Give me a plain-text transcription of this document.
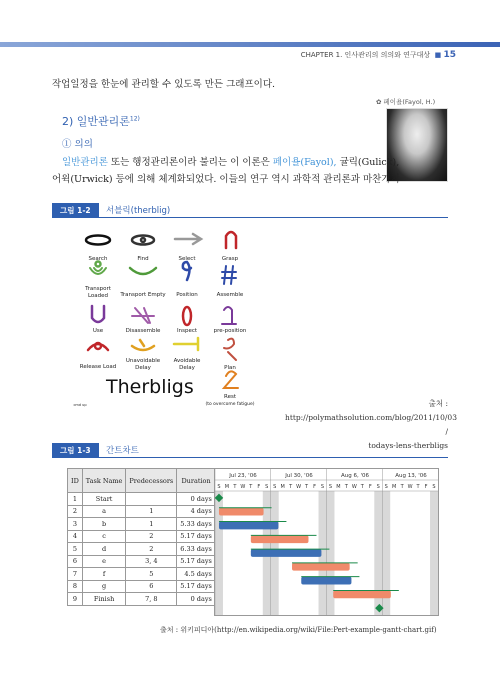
CHAPTER 1. 인사관리의 의의와 연구대상 ■ 15
작업일정을 한눈에 관리할 수 있도록 만든 그래프이다.
2) 일반관리론$^{12)}$
✿ 페이욜(Fayol, H.)
① 의의
일반관리론 또는 행정관리론이라 불리는 이 이론은 페이욜(Fayol), 귤릭(Gulick),
어윅(Urwick) 등에 의해 체계화되었다. 이들의 연구 역시 과학적 관리론과 마찬가지
그림 1-2	서블릭(therblig)
Search	Find	Select	Grasp
Transport
Loaded Transport Empty Position	Assemble
Use	Disassemble	Inspect	pre-position
Release Load
Unavoidable
Delay
Avoidable
Delay	Plan
Rest
(to overcome fatigue)
cmd up
Therbligs
출처 : http://polymathsolution.com/blog/2011/10/03 /
todays-lens-therbligs
그림 1-3	간트차트
ID	Task Name	Predecessors	Duration
1	Start		0 days
2	a	1	4 days
3	b	1	5.33 days
4	c	2	5.17 days
5	d	2	6.33 days
6	e	3, 4	5.17 days
7	f	5	4.5 days
8	g	6	5.17 days
9	Finish	7, 8	0 days
Jul 23, '06	Jul 30, '06	Aug 6, '06	Aug 13, '06
S M T W T F S S M T W T F S S M T W T F S S M T W T F S
출처 : 위키피디아(http://en.wikipedia.org/wiki/File:Pert-example-gantt-chart.gif)
